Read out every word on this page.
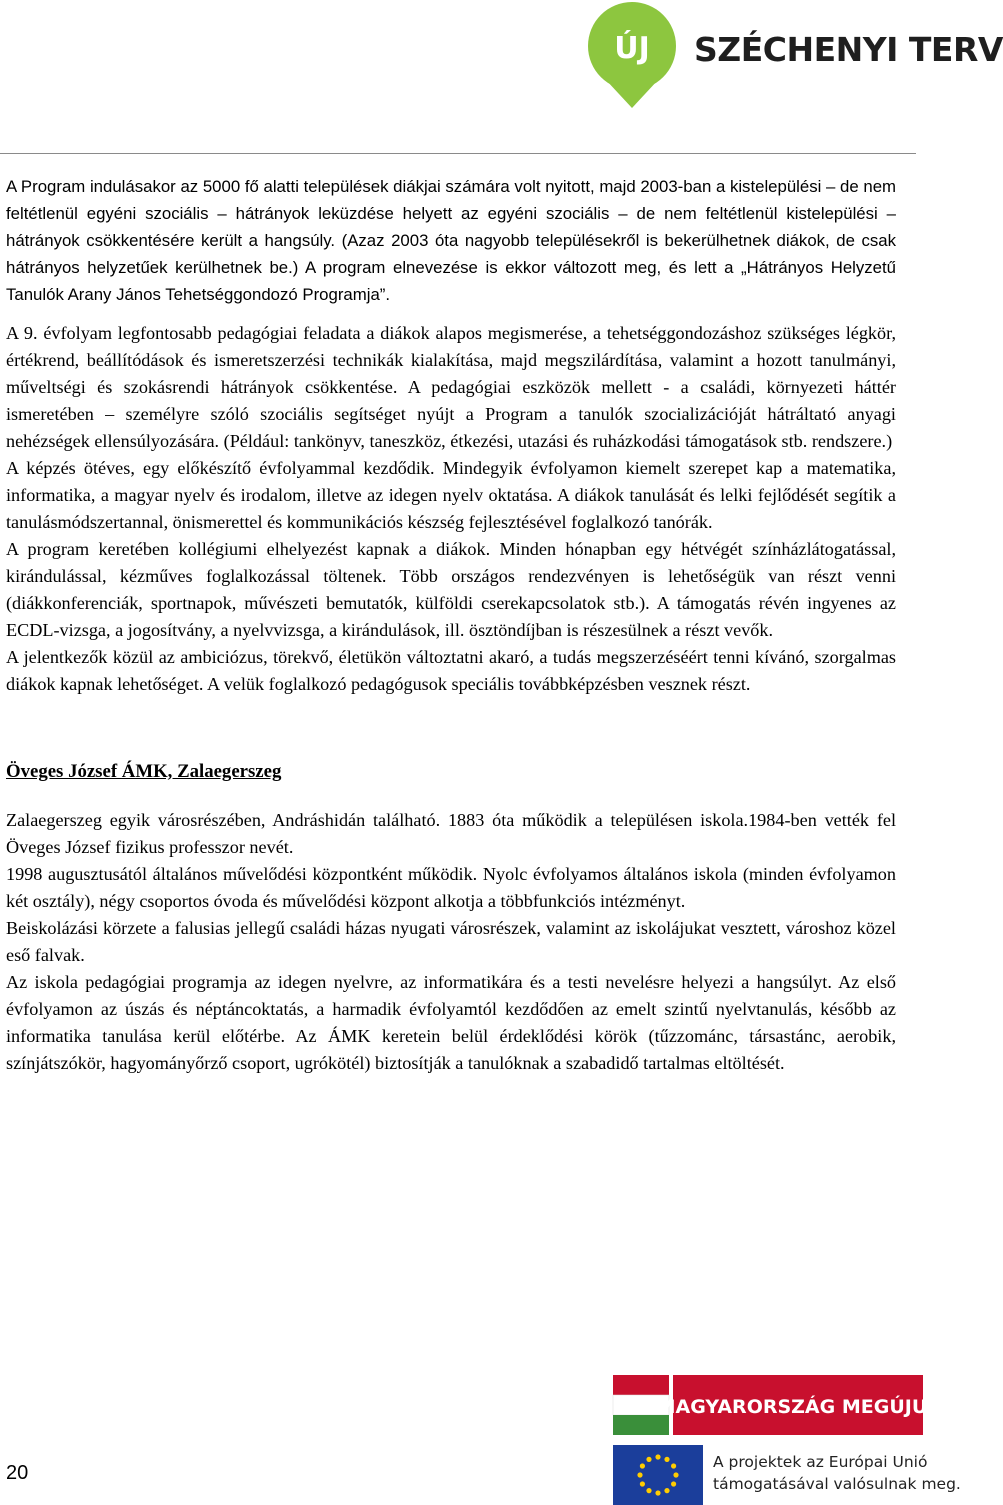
ÚJ SZÉCHENYI TERV

A Program indulásakor az 5000 fő alatti települések diákjai számára volt nyitott, majd 2003-ban a kistelepülési – de nem feltétlenül egyéni szociális – hátrányok leküzdése helyett az egyéni szociális – de nem feltétlenül kistelepülési – hátrányok csökkentésére került a hangsúly. (Azaz 2003 óta nagyobb településekről is bekerülhetnek diákok, de csak hátrányos helyzetűek kerülhetnek be.) A program elnevezése is ekkor változott meg, és lett a „Hátrányos Helyzetű Tanulók Arany János Tehetséggondozó Programja”.

A 9. évfolyam legfontosabb pedagógiai feladata a diákok alapos megismerése, a tehetséggondozáshoz szükséges légkör, értékrend, beállítódások és ismeretszerzési technikák kialakítása, majd megszilárdítása, valamint a hozott tanulmányi, műveltségi és szokásrendi hátrányok csökkentése. A pedagógiai eszközök mellett - a családi, környezeti háttér ismeretében – személyre szóló szociális segítséget nyújt a Program a tanulók szocializációját hátráltató anyagi nehézségek ellensúlyozására. (Például: tankönyv, taneszköz, étkezési, utazási és ruházkodási támogatások stb. rendszere.)

A képzés ötéves, egy előkészítő évfolyammal kezdődik. Mindegyik évfolyamon kiemelt szerepet kap a matematika, informatika, a magyar nyelv és irodalom, illetve az idegen nyelv oktatása. A diákok tanulását és lelki fejlődését segítik a tanulásmódszertannal, önismerettel és kommunikációs készség fejlesztésével foglalkozó tanórák.

A program keretében kollégiumi elhelyezést kapnak a diákok. Minden hónapban egy hétvégét színházlátogatással, kirándulással, kézműves foglalkozással töltenek. Több országos rendezvényen is lehetőségük van részt venni (diákkonferenciák, sportnapok, művészeti bemutatók, külföldi cserekapcsolatok stb.). A támogatás révén ingyenes az ECDL-vizsga, a jogosítvány, a nyelvvizsga, a kirándulások, ill. ösztöndíjban is részesülnek a részt vevők.

A jelentkezők közül az ambiciózus, törekvő, életükön változtatni akaró, a tudás megszerzéséért tenni kívánó, szorgalmas diákok kapnak lehetőséget. A velük foglalkozó pedagógusok speciális továbbképzésben vesznek részt.

Öveges József ÁMK, Zalaegerszeg

Zalaegerszeg egyik városrészében, Andráshidán található. 1883 óta működik a településen iskola.1984-ben vették fel Öveges József fizikus professzor nevét.

1998 augusztusától általános művelődési központként működik. Nyolc évfolyamos általános iskola (minden évfolyamon két osztály), négy csoportos óvoda és művelődési központ alkotja a többfunkciós intézményt.

Beiskolázási körzete a falusias jellegű családi házas nyugati városrészek, valamint az iskolájukat vesztett, városhoz közel eső falvak.

Az iskola pedagógiai programja az idegen nyelvre, az informatikára és a testi nevelésre helyezi a hangsúlyt. Az első évfolyamon az úszás és néptáncoktatás, a harmadik évfolyamtól kezdődően az emelt szintű nyelvtanulás, később az informatika tanulása kerül előtérbe. Az ÁMK keretein belül érdeklődési körök (tűzzománc, társastánc, aerobik, színjátszókör, hagyományőrző csoport, ugrókötél) biztosítják a tanulóknak a szabadidő tartalmas eltöltését.

20
MAGYARORSZÁG MEGÚJUL
A projektek az Európai Unió
támogatásával valósulnak meg.
